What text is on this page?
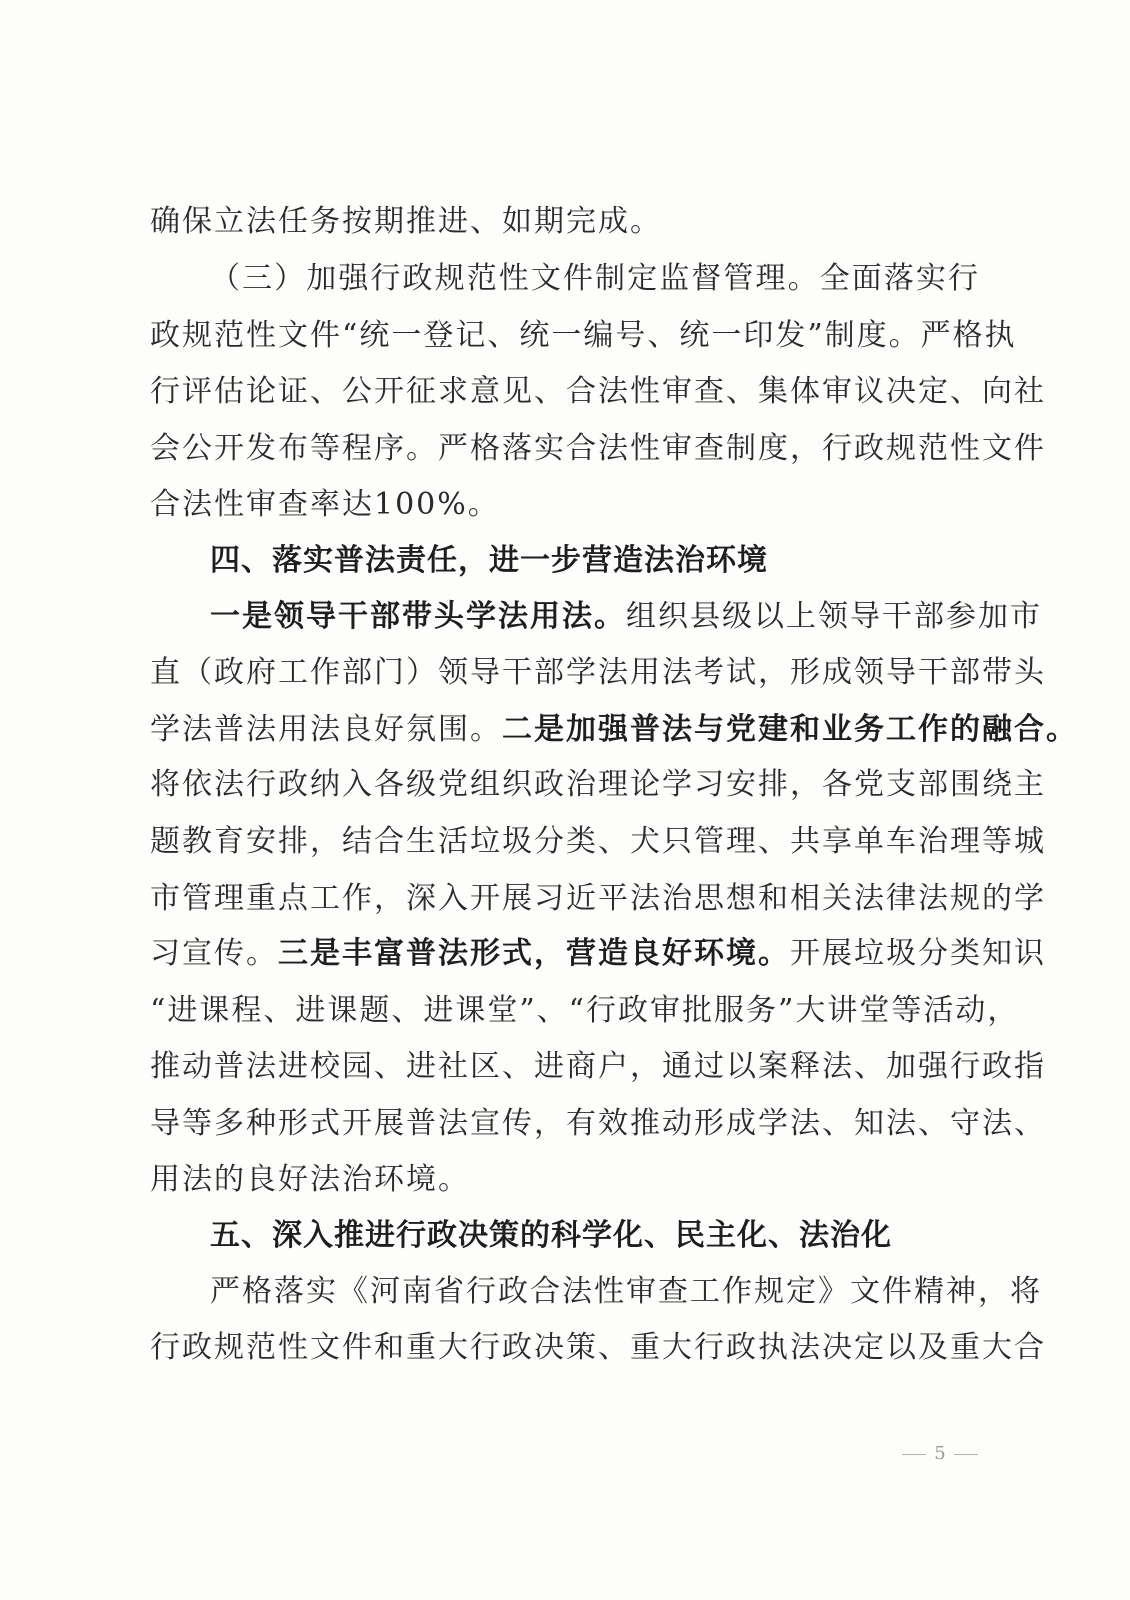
确保立法任务按期推进、如期完成。
（三）加强行政规范性文件制定监督管理。全面落实行
政规范性文件“统一登记、统一编号、统一印发”制度。严格执
行评估论证、公开征求意见、合法性审查、集体审议决定、向社
会公开发布等程序。严格落实合法性审查制度，行政规范性文件
合法性审查率达100%。
四、落实普法责任，进一步营造法治环境
一是领导干部带头学法用法。组织县级以上领导干部参加市
直（政府工作部门）领导干部学法用法考试，形成领导干部带头
学法普法用法良好氛围。二是加强普法与党建和业务工作的融合。
将依法行政纳入各级党组织政治理论学习安排，各党支部围绕主
题教育安排，结合生活垃圾分类、犬只管理、共享单车治理等城
市管理重点工作，深入开展习近平法治思想和相关法律法规的学
习宣传。三是丰富普法形式，营造良好环境。开展垃圾分类知识
“进课程、进课题、进课堂”、“行政审批服务”大讲堂等活动，
推动普法进校园、进社区、进商户，通过以案释法、加强行政指
导等多种形式开展普法宣传，有效推动形成学法、知法、守法、
用法的良好法治环境。
五、深入推进行政决策的科学化、民主化、法治化
严格落实《河南省行政合法性审查工作规定》文件精神，将
行政规范性文件和重大行政决策、重大行政执法决定以及重大合
5
